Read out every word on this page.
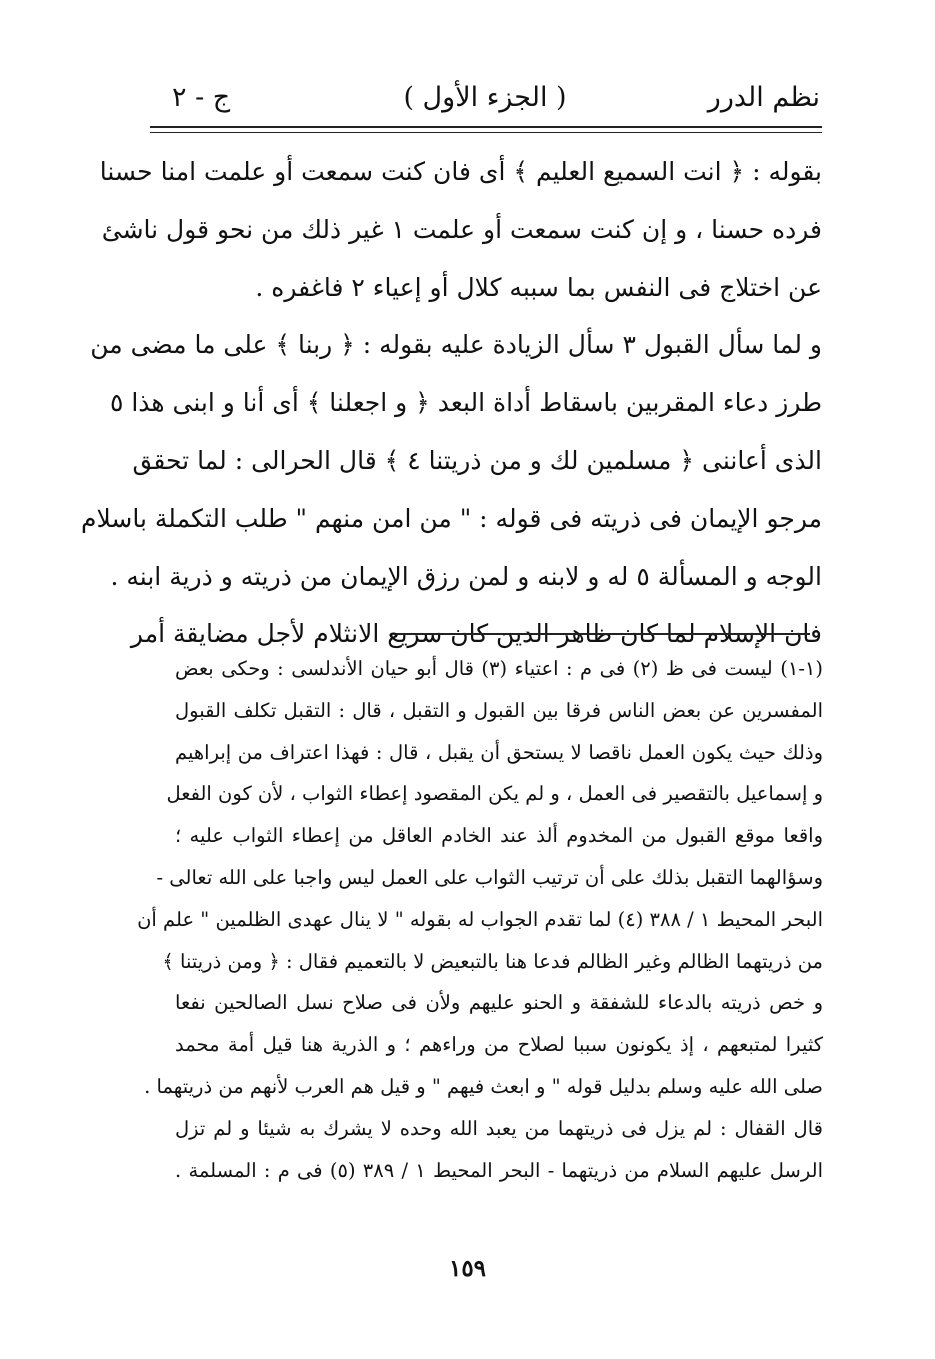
نظم الدرر
( الجزء الأول )
ج - ٢
بقوله : ﴿ انت السميع العليم ﴾ أى فان كنت سمعت أو علمت امنا حسنا
فرده حسنا ، و إن كنت سمعت أو علمت ١ غير ذلك من نحو قول ناشئ
عن اختلاج فى النفس بما سببه كلال أو إعياء ٢ فاغفره .
و لما سأل القبول ٣ سأل الزيادة عليه بقوله : ﴿ ربنا ﴾ على ما مضى من
طرز دعاء المقربين باسقاط أداة البعد ﴿ و اجعلنا ﴾ أى أنا و ابنى هذا ٥
الذى أعاننى ﴿ مسلمين لك و من ذريتنا ٤ ﴾ قال الحرالى : لما تحقق
مرجو الإيمان فى ذريته فى قوله : " من امن منهم " طلب التكملة باسلام
الوجه و المسألة ٥ له و لابنه و لمن رزق الإيمان من ذريته و ذرية ابنه .
فان الإسلام لما كان ظاهر الدين كان سريع الانثلام لأجل مضايقة أمر
(١-١) ليست فى ظ (٢) فى م : اعتياء (٣) قال أبو حيان الأندلسى : وحكى بعض
المفسرين عن بعض الناس فرقا بين القبول و التقبل ، قال : التقبل تكلف القبول
وذلك حيث يكون العمل ناقصا لا يستحق أن يقبل ، قال : فهذا اعتراف من إبراهيم
و إسماعيل بالتقصير فى العمل ، و لم يكن المقصود إعطاء الثواب ، لأن كون الفعل
واقعا موقع القبول من المخدوم ألذ عند الخادم العاقل من إعطاء الثواب عليه ؛
وسؤالهما التقبل بذلك على أن ترتيب الثواب على العمل ليس واجبا على الله تعالى -
البحر المحيط ١ / ٣٨٨ (٤) لما تقدم الجواب له بقوله " لا ينال عهدى الظلمين " علم أن
من ذريتهما الظالم وغير الظالم فدعا هنا بالتبعيض لا بالتعميم فقال : ﴿ ومن ذريتنا ﴾
و خص ذريته بالدعاء للشفقة و الحنو عليهم ولأن فى صلاح نسل الصالحين نفعا
كثيرا لمتبعهم ، إذ يكونون سببا لصلاح من وراءهم ؛ و الذرية هنا قيل أمة محمد
صلى الله عليه وسلم بدليل قوله " و ابعث فيهم " و قيل هم العرب لأنهم من ذريتهما .
قال القفال : لم يزل فى ذريتهما من يعبد الله وحده لا يشرك به شيئا و لم تزل
الرسل عليهم السلام من ذريتهما - البحر المحيط ١ / ٣٨٩ (٥) فى م : المسلمة .
١٥٩
